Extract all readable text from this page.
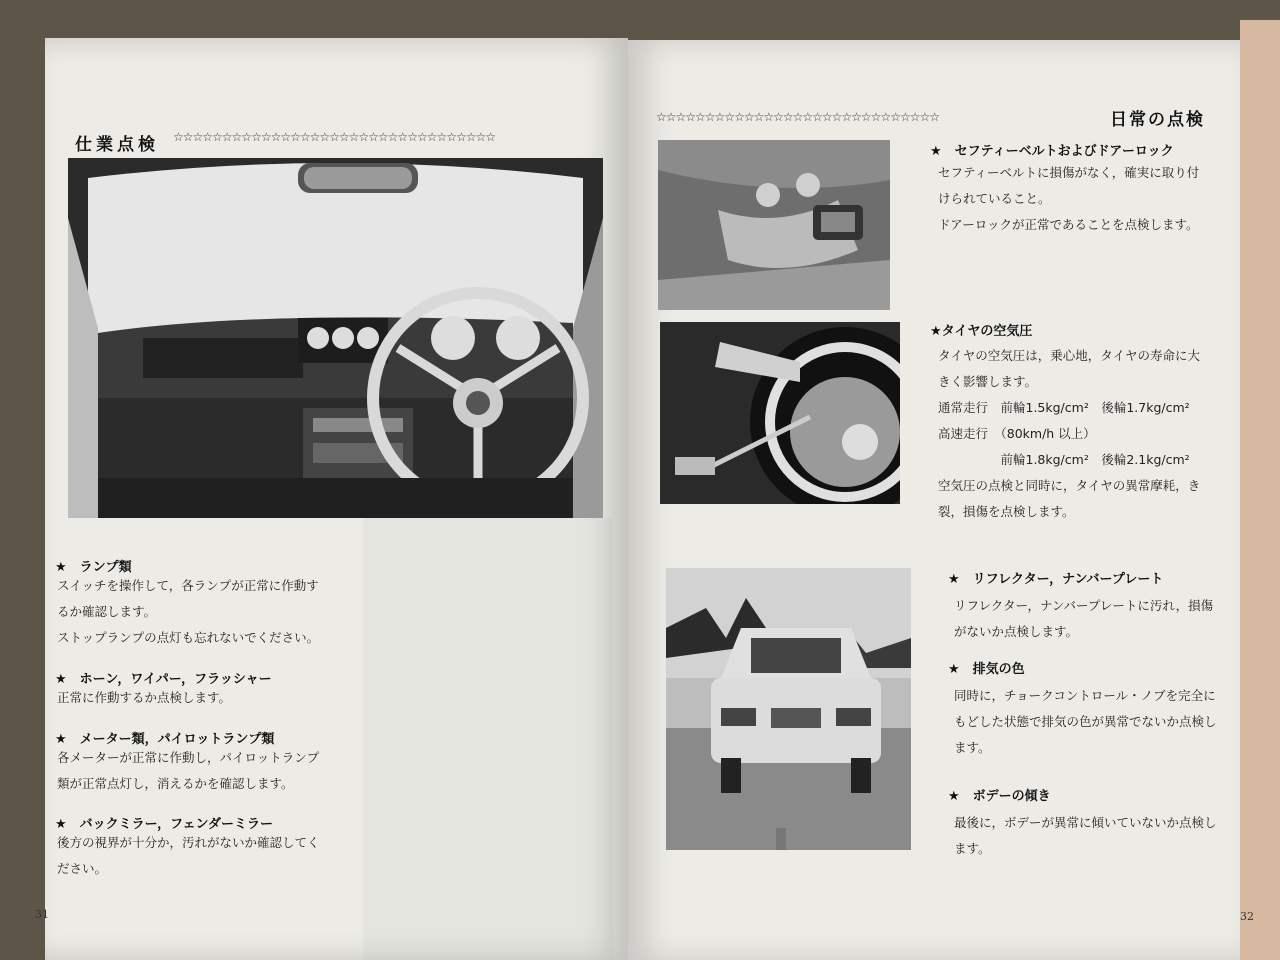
仕業点検 ☆☆☆☆☆☆☆☆☆☆☆☆☆☆☆☆☆☆☆☆☆☆☆☆☆☆☆☆☆☆☆☆☆
★　ランプ類
スイッチを操作して，各ランプが正常に作動す
るか確認します。
ストップランプの点灯も忘れないでください。
★　ホーン，ワイパー，フラッシャー
正常に作動するか点検します。
★　メーター類，パイロットランプ類
各メーターが正常に作動し，パイロットランプ
類が正常点灯し，消えるかを確認します。
★　バックミラー，フェンダーミラー
後方の視界が十分か，汚れがないか確認してく
ださい。
31
☆☆☆☆☆☆☆☆☆☆☆☆☆☆☆☆☆☆☆☆☆☆☆☆☆☆☆☆☆	日常の点検
★　セフティーベルトおよびドアーロック
セフティーベルトに損傷がなく，確実に取り付
けられていること。
ドアーロックが正常であることを点検します。
★タイヤの空気圧
タイヤの空気圧は，乗心地，タイヤの寿命に大
きく影響します。
通常走行　前輪1.5kg/cm²　後輪1.7kg/cm²
高速走行　（80km/h 以上）
　　　　　前輪1.8kg/cm²　後輪2.1kg/cm²
空気圧の点検と同時に，タイヤの異常摩耗，き
裂，損傷を点検します。
★　リフレクター，ナンバープレート
リフレクター，ナンバープレートに汚れ，損傷
がないか点検します。
★　排気の色
同時に，チョークコントロール・ノブを完全に
もどした状態で排気の色が異常でないか点検し
ます。
★　ボデーの傾き
最後に，ボデーが異常に傾いていないか点検し
ます。
32
